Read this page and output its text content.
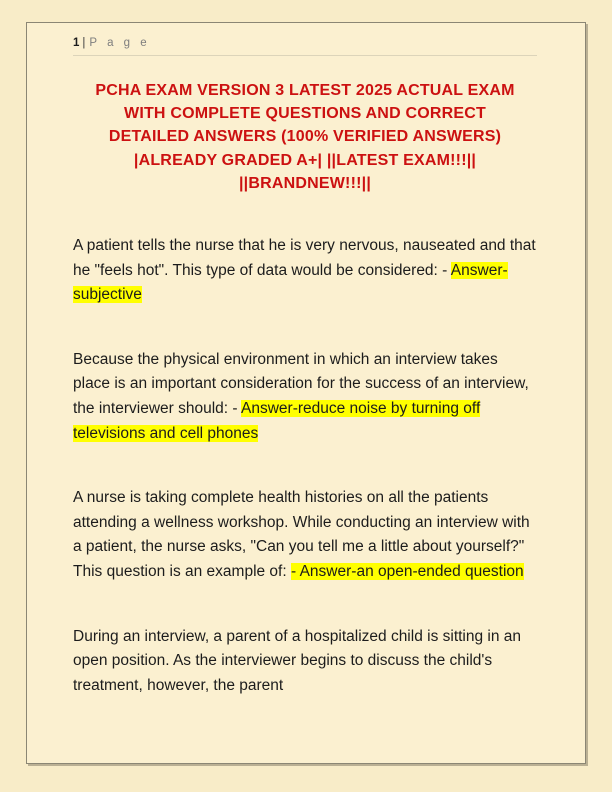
1 | P a g e
PCHA EXAM VERSION 3 LATEST 2025 ACTUAL EXAM
WITH COMPLETE QUESTIONS AND CORRECT
DETAILED ANSWERS (100% VERIFIED ANSWERS)
|ALREADY GRADED A+| ||LATEST EXAM!!!||
||BRANDNEW!!!||

A patient tells the nurse that he is very nervous, nauseated and that he "feels hot". This type of data would be considered: - Answer-subjective

Because the physical environment in which an interview takes place is an important consideration for the success of an interview, the interviewer should: - Answer-reduce noise by turning off televisions and cell phones

A nurse is taking complete health histories on all the patients attending a wellness workshop. While conducting an interview with a patient, the nurse asks, "Can you tell me a little about yourself?" This question is an example of: - Answer-an open-ended question

During an interview, a parent of a hospitalized child is sitting in an open position. As the interviewer begins to discuss the child's treatment, however, the parent
